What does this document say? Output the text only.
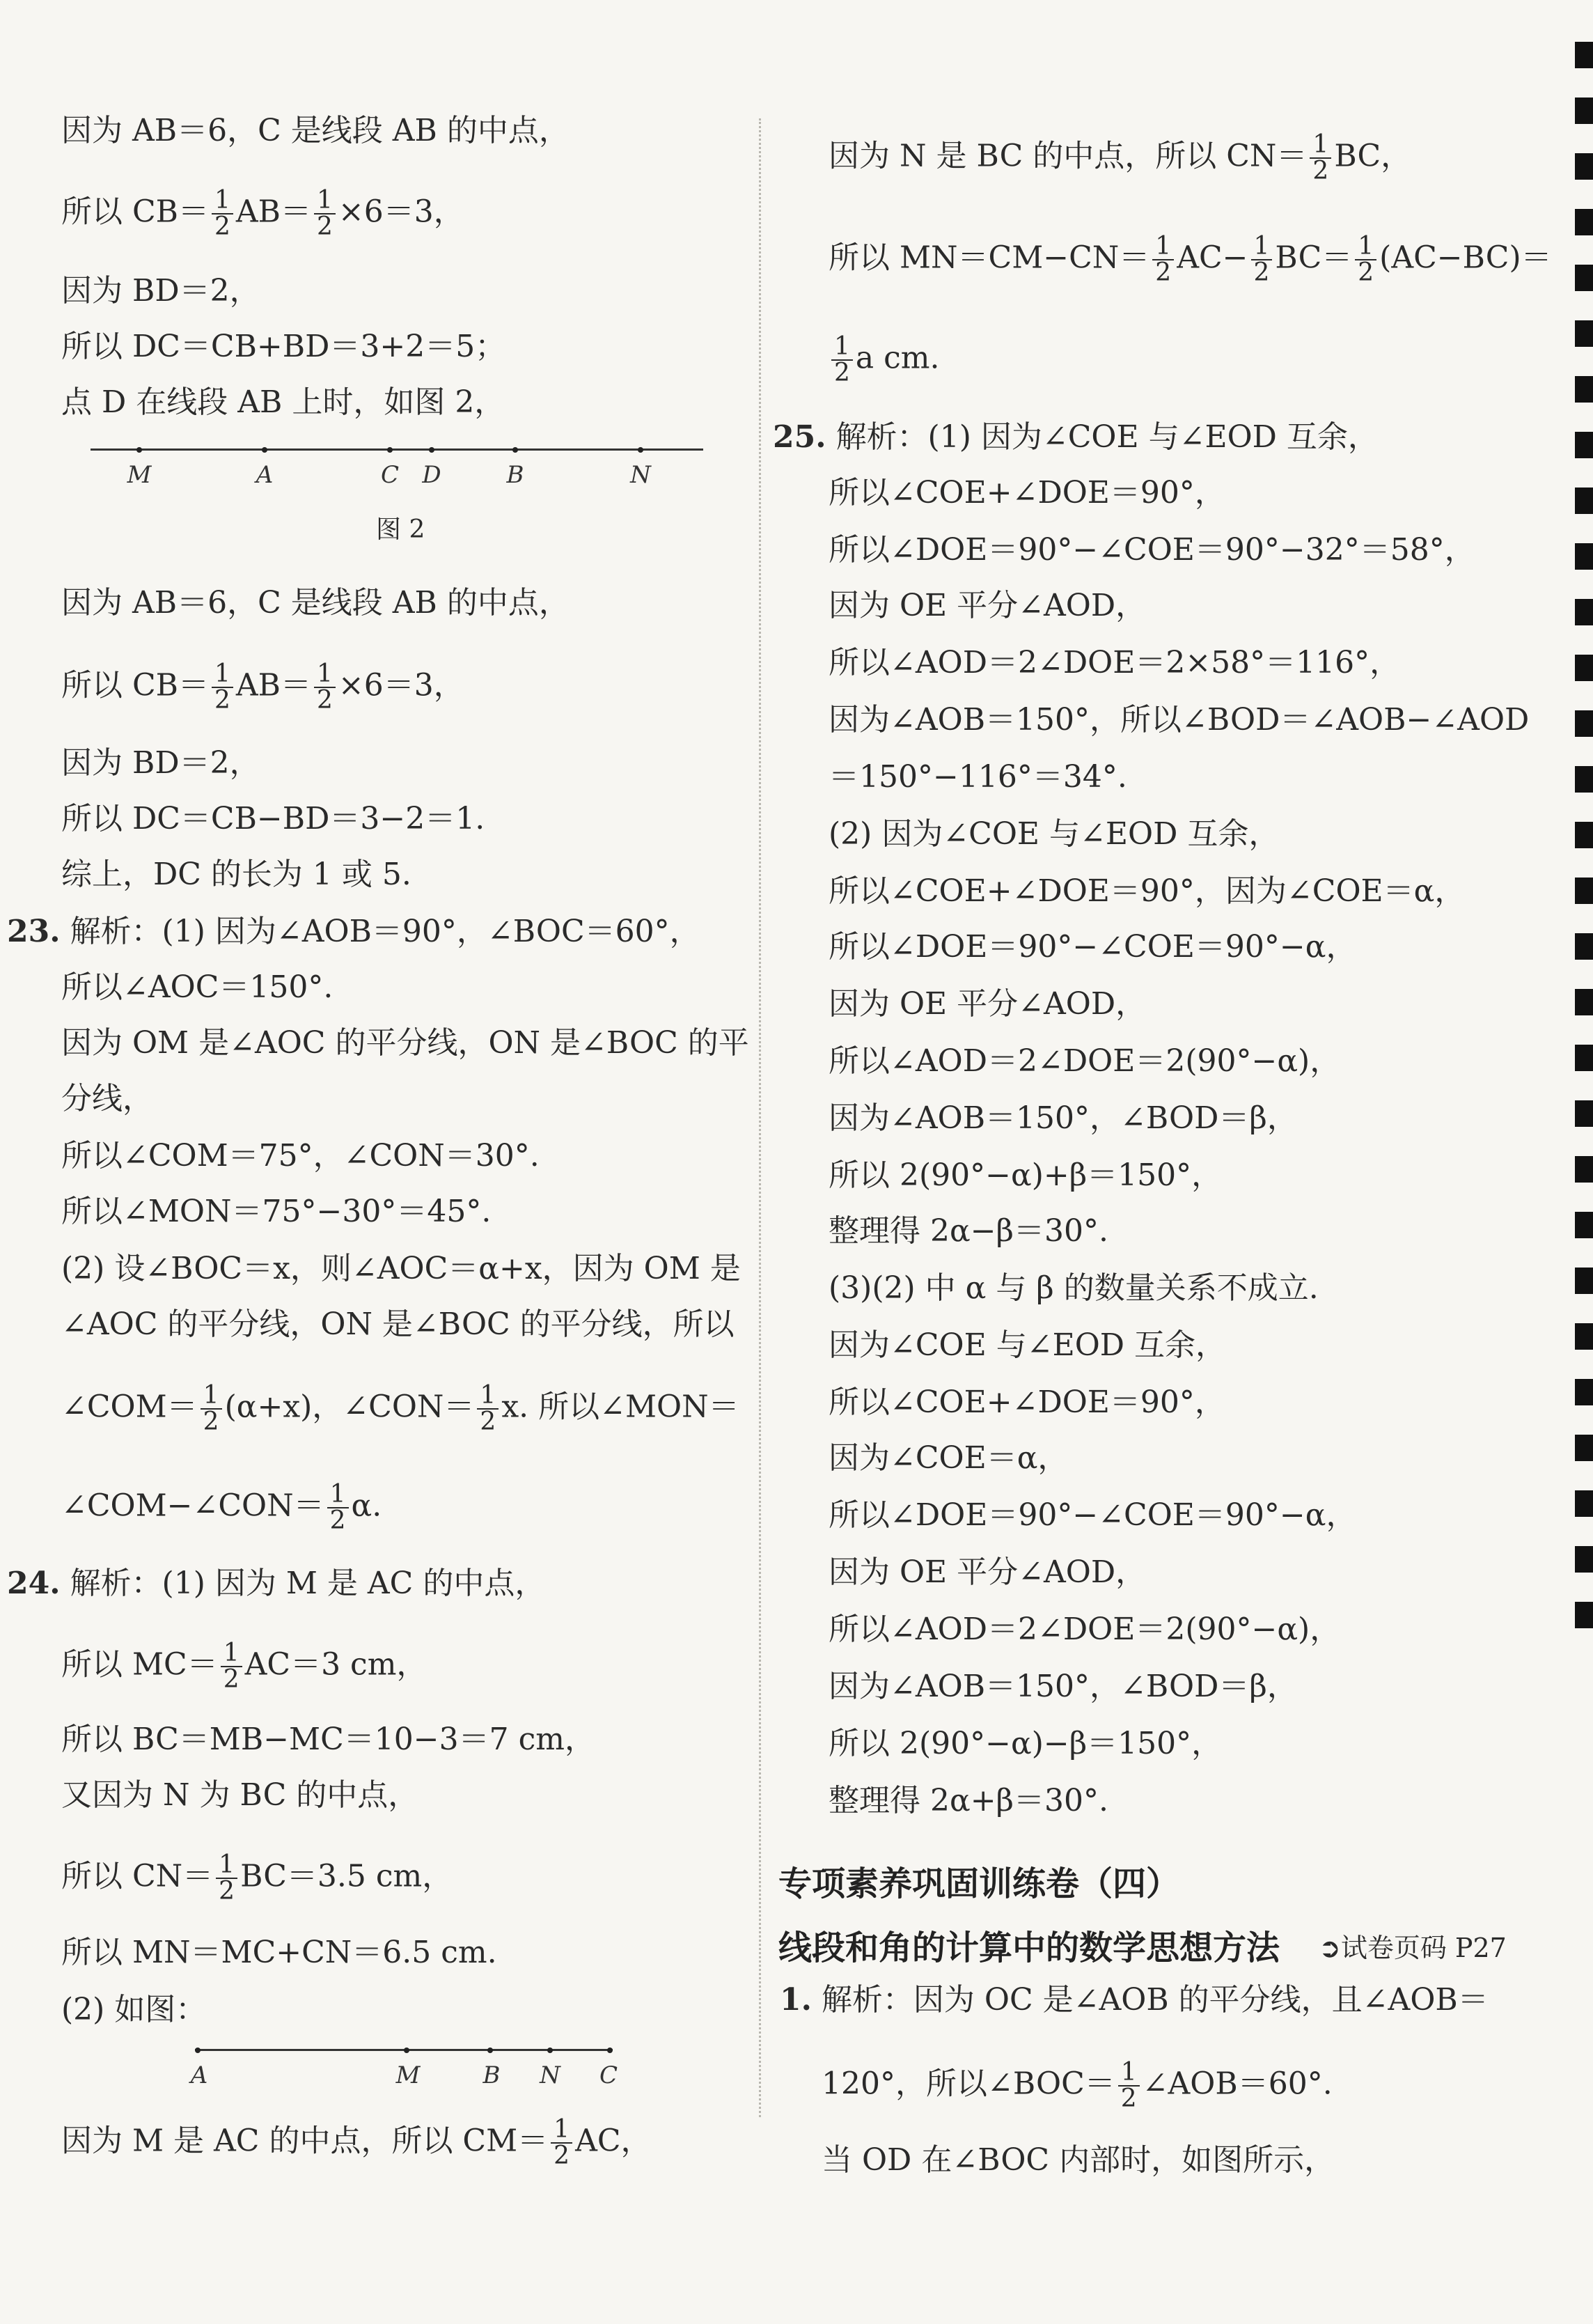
因为 AB＝6，C 是线段 AB 的中点，
所以 $CB= \frac{1}{2} AB= \frac{1}{2} \times 6=3$，
因为 BD＝2，
所以 DC＝CB+BD＝3+2＝5；
点 D 在线段 AB 上时，如图 2，
M	A	C D	B	N
图 2
因为 AB＝6，C 是线段 AB 的中点，
所以 $CB= \frac{1}{2} AB= \frac{1}{2} \times 6=3$，
因为 BD＝2，
所以 DC＝CB−BD＝3−2＝1.
综上，DC 的长为 1 或 5.
23. 解析：(1) 因为∠AOB＝90°，∠BOC＝60°，
所以∠AOC＝150°.
因为 OM 是∠AOC 的平分线，ON 是∠BOC 的平
分线，
所以∠COM＝75°，∠CON＝30°.
所以∠MON＝75°−30°＝45°.
(2) 设∠BOC＝x，则∠AOC＝α+x，因为 OM 是
∠AOC 的平分线，ON 是∠BOC 的平分线，所以
∠COM＝ $\frac{1}{2} (\alpha+x)$，∠CON＝ $\frac{1}{2} x$. 所以∠MON＝
∠COM−∠CON＝ $\frac{1}{2} \alpha$.
24. 解析：(1) 因为 M 是 AC 的中点，
所以 $MC= \frac{1}{2} AC=3$ cm，
所以 BC＝MB−MC＝10−3＝7 cm，
又因为 N 为 BC 的中点，
所以 $CN= \frac{1}{2} BC=3.5$ cm，
所以 MN＝MC+CN＝6.5 cm.
(2) 如图：
A	M	B N C
因为 M 是 AC 的中点，所以 $CM= \frac{1}{2}$ AC，
因为 N 是 BC 的中点，所以 $CN= \frac{1}{2}$ BC，
所以 $MN=CM-CN= \frac{1}{2} AC- \frac{1}{2} BC= \frac{1}{2} (AC-BC)=$
$\frac{1}{2}$ a cm.
25. 解析：(1) 因为∠COE 与∠EOD 互余，
所以∠COE+∠DOE＝90°，
所以∠DOE＝90°−∠COE＝90°−32°＝58°，
因为 OE 平分∠AOD，
所以∠AOD＝2∠DOE＝2×58°＝116°，
因为∠AOB＝150°，所以∠BOD＝∠AOB−∠AOD
＝150°−116°＝34°.
(2) 因为∠COE 与∠EOD 互余，
所以∠COE+∠DOE＝90°，因为∠COE＝α，
所以∠DOE＝90°−∠COE＝90°−α，
因为 OE 平分∠AOD，
所以∠AOD＝2∠DOE＝2(90°−α)，
因为∠AOB＝150°，∠BOD＝β，
所以 2(90°−α)+β＝150°，
整理得 2α−β＝30°.
(3)(2) 中 α 与 β 的数量关系不成立.
因为∠COE 与∠EOD 互余，
所以∠COE+∠DOE＝90°，
因为∠COE＝α，
所以∠DOE＝90°−∠COE＝90°−α，
因为 OE 平分∠AOD，
所以∠AOD＝2∠DOE＝2(90°−α)，
因为∠AOB＝150°，∠BOD＝β，
所以 2(90°−α)−β＝150°，
整理得 2α+β＝30°.
专项素养巩固训练卷（四）
线段和角的计算中的数学思想方法 ➲试卷页码 P27
1. 解析：因为 OC 是∠AOB 的平分线，且∠AOB＝
120°，所以∠BOC＝ $\frac{1}{2}$ ∠AOB＝60°.
当 OD 在∠BOC 内部时，如图所示，
